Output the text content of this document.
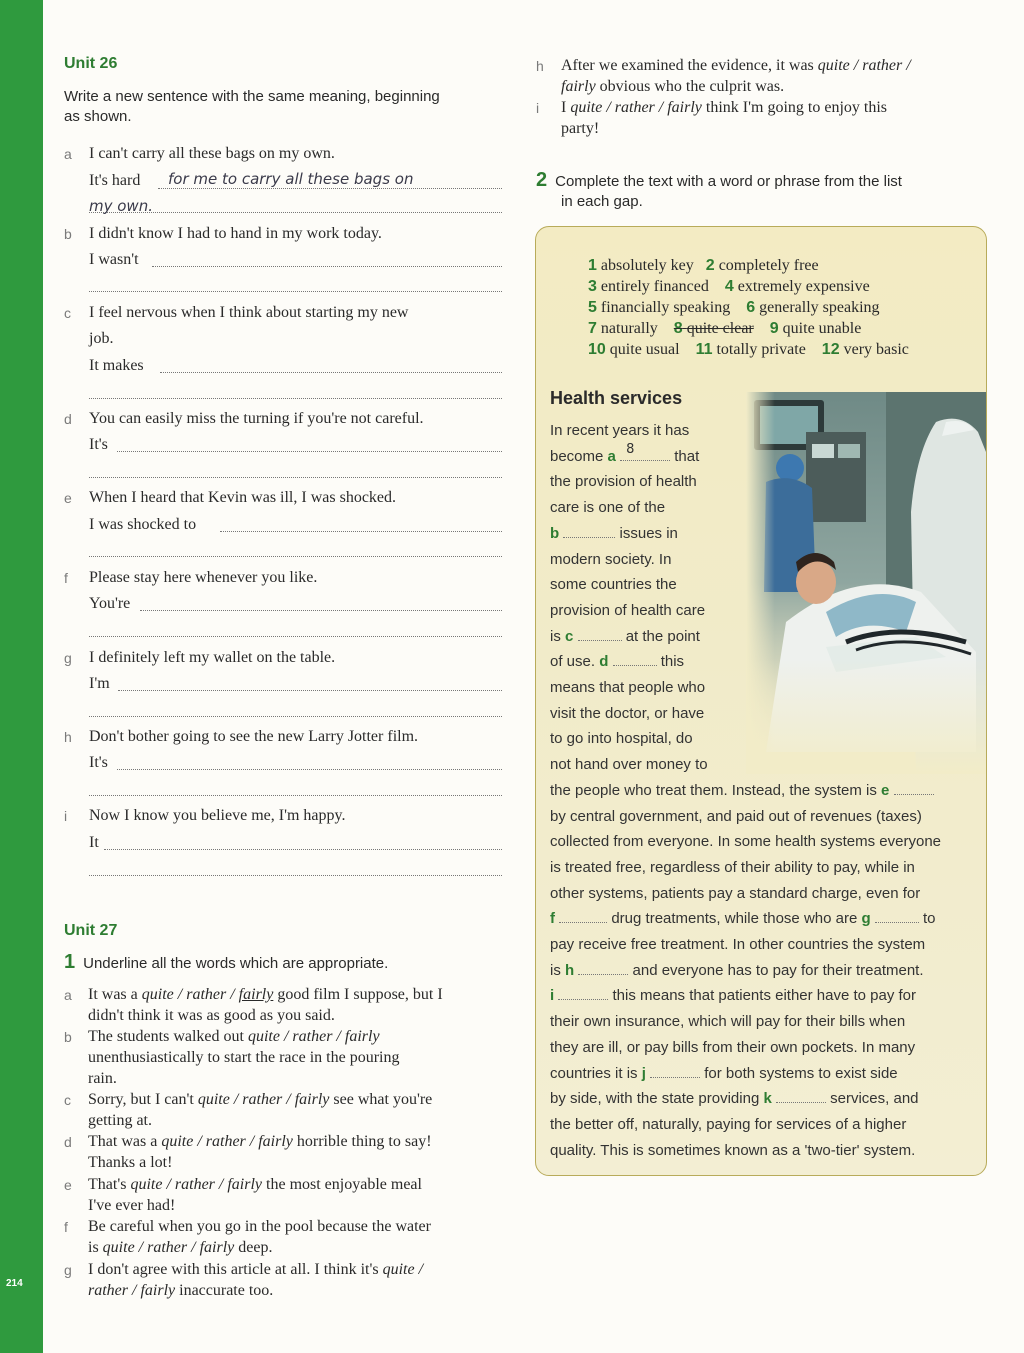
214
Unit 26
Write a new sentence with the same meaning, beginning
as shown.
a I can't carry all these bags on my own.
It's hard for me to carry all these bags on
my own.
b I didn't know I had to hand in my work today.
I wasn't
c I feel nervous when I think about starting my new
job.
It makes
d You can easily miss the turning if you're not careful.
It's
e When I heard that Kevin was ill, I was shocked.
I was shocked to
f Please stay here whenever you like.
You're
g I definitely left my wallet on the table.
I'm
h Don't bother going to see the new Larry Jotter film.
It's
i Now I know you believe me, I'm happy.
It
Unit 27
1 Underline all the words which are appropriate.
a It was a quite / rather / fairly good film I suppose, but I
didn't think it was as good as you said.
b The students walked out quite / rather / fairly
unenthusiastically to start the race in the pouring
rain.
c Sorry, but I can't quite / rather / fairly see what you're
getting at.
d That was a quite / rather / fairly horrible thing to say!
Thanks a lot!
e That's quite / rather / fairly the most enjoyable meal
I've ever had!
f Be careful when you go in the pool because the water
is quite / rather / fairly deep.
g I don't agree with this article at all. I think it's quite /
rather / fairly inaccurate too.
h After we examined the evidence, it was quite / rather /
fairly obvious who the culprit was.
i I quite / rather / fairly think I'm going to enjoy this
party!
2 Complete the text with a word or phrase from the list
in each gap.
1 absolutely key 2 completely free
3 entirely financed 4 extremely expensive
5 financially speaking 6 generally speaking
7 naturally 8 quite clear 9 quite unable
10 quite usual 11 totally private 12 very basic
Health services
In recent years it has
become a 8	that
the provision of health
care is one of the
b	issues in
modern society. In
some countries the
provision of health care
is c	at the point
of use. d	this
means that people who
visit the doctor, or have
to go into hospital, do
not hand over money to
the people who treat them. Instead, the system is e
by central government, and paid out of revenues (taxes)
collected from everyone. In some health systems everyone
is treated free, regardless of their ability to pay, while in
other systems, patients pay a standard charge, even for
f	drug treatments, while those who are g	to
pay receive free treatment. In other countries the system
is h	and everyone has to pay for their treatment.
i	this means that patients either have to pay for
their own insurance, which will pay for their bills when
they are ill, or pay bills from their own pockets. In many
countries it is j	for both systems to exist side
by side, with the state providing k	services, and
the better off, naturally, paying for services of a higher
quality. This is sometimes known as a 'two-tier' system.
